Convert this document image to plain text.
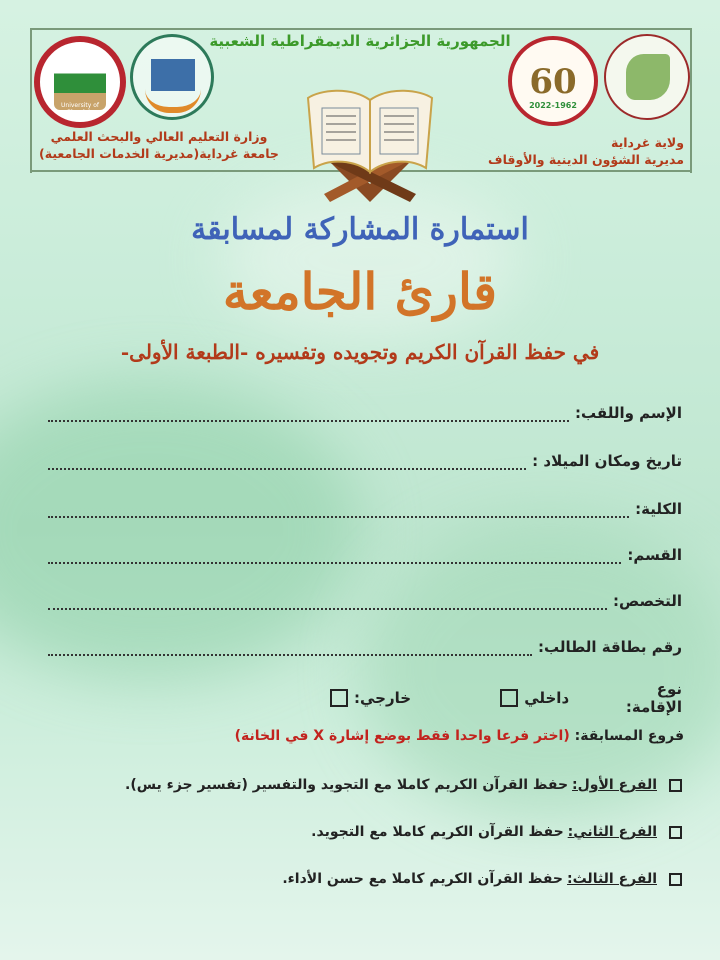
الجمهورية الجزائرية الديمقراطية الشعبية
University of Ghardaia
60
2022-1962
وزارة التعليم العالي والبحث العلمي
جامعة غرداية(مديرية الخدمات الجامعية)
ولاية غرداية
مديرية الشؤون الدينية والأوقاف
استمارة المشاركة لمسابقة
قارئ الجامعة
في حفظ القرآن الكريم وتجويده وتفسيره -الطبعة الأولى-
الإسم واللقب:
تاريخ ومكان الميلاد :
الكلية:
القسم:
التخصص:
رقم بطاقة الطالب:
نوع الإقامة:
داخلي
خارجي:
فروع المسابقة: (اختر فرعا واحدا فقط بوضع إشارة X في الخانة)
الفرع الأول:
حفظ القرآن الكريم كاملا مع التجويد والتفسير (تفسير جزء يس).
الفرع الثاني:
حفظ القرآن الكريم كاملا مع التجويد.
الفرع الثالث:
حفظ القرآن الكريم كاملا مع حسن الأداء.
